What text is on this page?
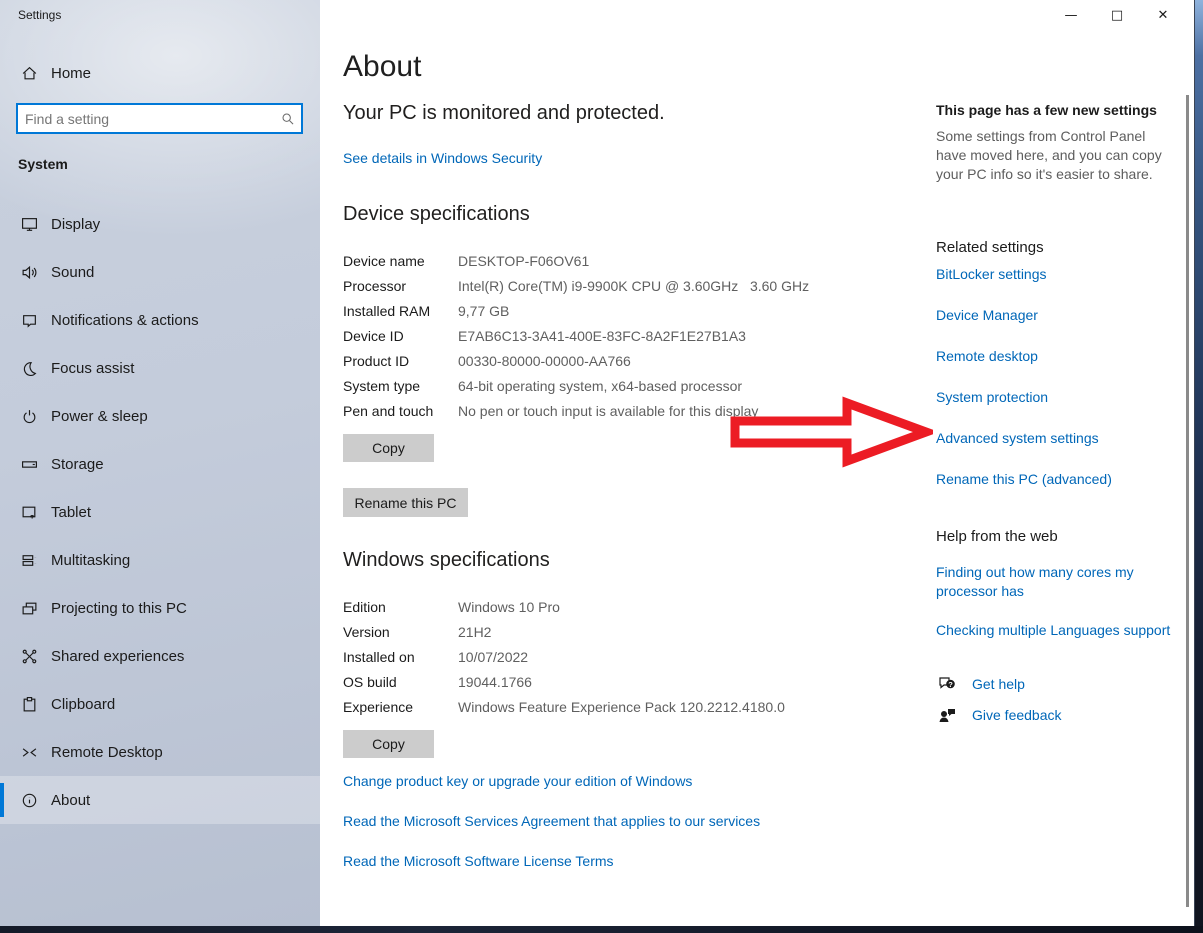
Settings
Home
Find a setting
System
Display
Sound
Notifications & actions
Focus assist
Power & sleep
Storage
Tablet
Multitasking
Projecting to this PC
Shared experiences
Clipboard
Remote Desktop
About
—	□	✕
About
Your PC is monitored and protected.
See details in Windows Security
Device specifications
Device name	DESKTOP-F06OV61
Processor	Intel(R) Core(TM) i9-9900K CPU @ 3.60GHz   3.60 GHz
Installed RAM	9,77 GB
Device ID	E7AB6C13-3A41-400E-83FC-8A2F1E27B1A3
Product ID	00330-80000-00000-AA766
System type	64-bit operating system, x64-based processor
Pen and touch	No pen or touch input is available for this display
Copy
Rename this PC
Windows specifications
Edition	Windows 10 Pro
Version	21H2
Installed on	10/07/2022
OS build	19044.1766
Experience	Windows Feature Experience Pack 120.2212.4180.0
Copy
Change product key or upgrade your edition of Windows
Read the Microsoft Services Agreement that applies to our services
Read the Microsoft Software License Terms
This page has a few new settings
Some settings from Control Panel have moved here, and you can copy your PC info so it's easier to share.
Related settings
BitLocker settings
Device Manager
Remote desktop
System protection
Advanced system settings
Rename this PC (advanced)
Help from the web
Finding out how many cores my processor has
Checking multiple Languages support
? Get help
Give feedback
